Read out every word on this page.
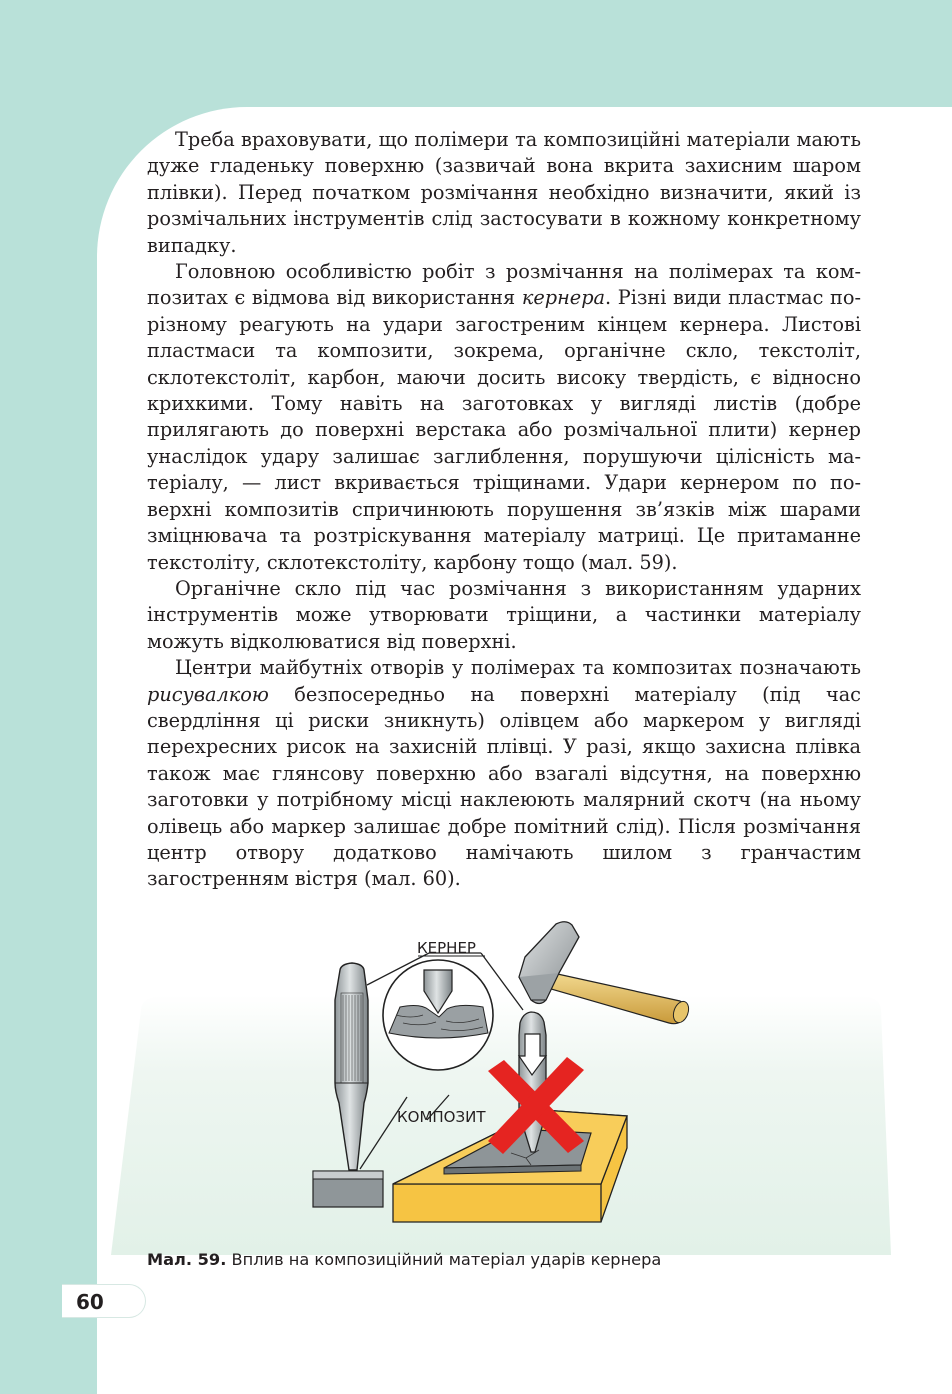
Треба враховувати, що полімери та композиційні матеріали мають дуже гладеньку поверхню (зазвичай вона вкрита захисним шаром плівки). Перед початком розмічання необхідно визначити, який із розмічальних інструментів слід застосувати в кожному конкретному випадку.

Головною особливістю робіт з розмічання на полімерах та композитах є відмова від використання кернера. Різні види пластмас по-різному реагують на удари загостреним кінцем кернера. Листові пластмаси та композити, зокрема, органічне скло, текстоліт, склотекстоліт, карбон, маючи досить високу твердість, є відносно крихкими. Тому навіть на заготовках у вигляді листів (добре прилягають до поверхні верстака або розмічальної плити) кернер унаслідок удару залишає заглиблення, порушуючи цілісність матеріалу, — лист вкривається тріщинами. Удари кернером по поверхні композитів спричинюють порушення зв’язків між шарами зміцнювача та розтріскування матеріалу матриці. Це притаманне текстоліту, склотекстоліту, карбону тощо (мал. 59).

Органічне скло під час розмічання з використанням ударних інструментів може утворювати тріщини, а частинки матеріалу можуть відколюватися від поверхні.

Центри майбутніх отворів у полімерах та композитах позначають рисувалкою безпосередньо на поверхні матеріалу (під час свердління ці риски зникнуть) олівцем або маркером у вигляді перехресних рисок на захисній плівці. У разі, якщо захисна плівка також має глянсову поверхню або взагалі відсутня, на поверхню заготовки у потрібному місці наклеюють малярний скотч (на ньому олівець або маркер залишає добре помітний слід). Після розмічання центр отвору додатково намічають шилом з гранчастим загостренням вістря (мал. 60).

КЕРНЕР
КОМПОЗИТ
Мал. 59. Вплив на композиційний матеріал ударів кернера
60
